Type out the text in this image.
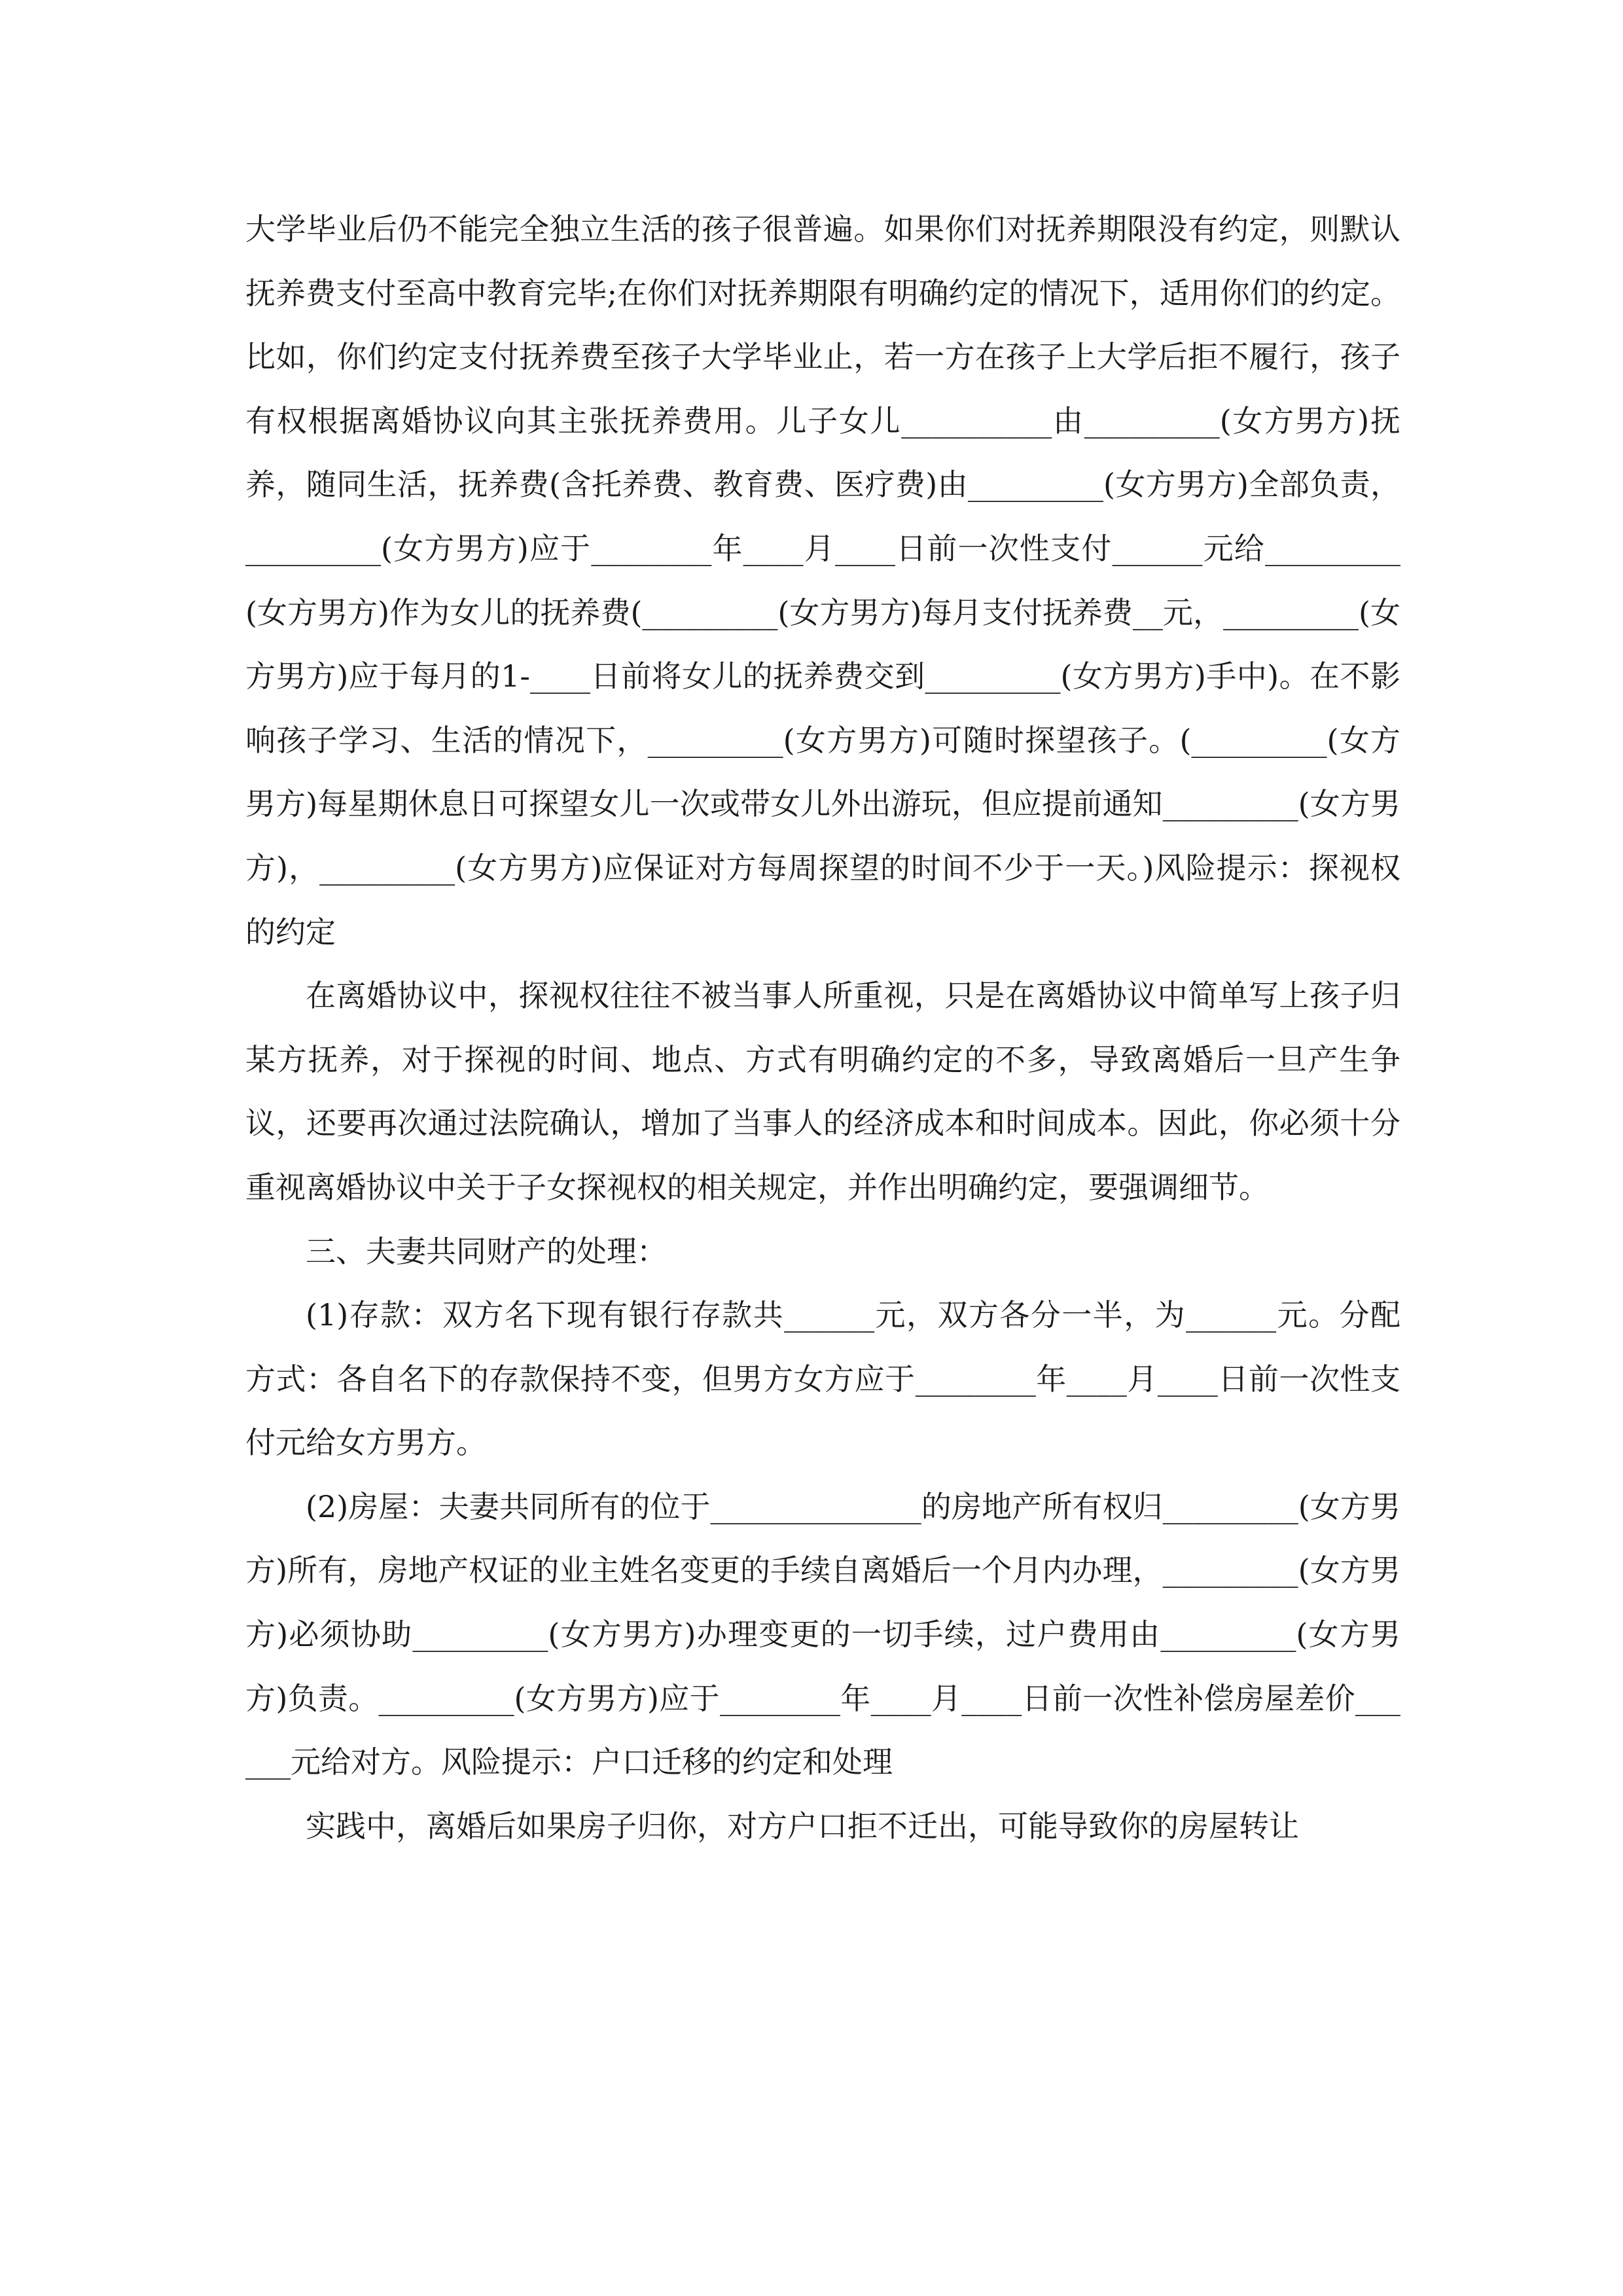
大学毕业后仍不能完全独立生活的孩子很普遍。如果你们对抚养期限没有约定，则默认抚养费支付至高中教育完毕;在你们对抚养期限有明确约定的情况下，适用你们的约定。比如，你们约定支付抚养费至孩子大学毕业止，若一方在孩子上大学后拒不履行，孩子有权根据离婚协议向其主张抚养费用。儿子女儿__________由_________(女方男方)抚养，随同生活，抚养费(含托养费、教育费、医疗费)由_________(女方男方)全部负责，_________(女方男方)应于________年____月____日前一次性支付______元给_________(女方男方)作为女儿的抚养费(_________(女方男方)每月支付抚养费__元，_________(女方男方)应于每月的1-____日前将女儿的抚养费交到_________(女方男方)手中)。在不影响孩子学习、生活的情况下，_________(女方男方)可随时探望孩子。(_________(女方男方)每星期休息日可探望女儿一次或带女儿外出游玩，但应提前通知_________(女方男方)，_________(女方男方)应保证对方每周探望的时间不少于一天。)风险提示：探视权的约定

在离婚协议中，探视权往往不被当事人所重视，只是在离婚协议中简单写上孩子归某方抚养，对于探视的时间、地点、方式有明确约定的不多，导致离婚后一旦产生争议，还要再次通过法院确认，增加了当事人的经济成本和时间成本。因此，你必须十分重视离婚协议中关于子女探视权的相关规定，并作出明确约定，要强调细节。

三、夫妻共同财产的处理：

(1)存款：双方名下现有银行存款共______元，双方各分一半，为______元。分配方式：各自名下的存款保持不变，但男方女方应于________年____月____日前一次性支付元给女方男方。

(2)房屋：夫妻共同所有的位于______________的房地产所有权归_________(女方男方)所有，房地产权证的业主姓名变更的手续自离婚后一个月内办理，_________(女方男方)必须协助_________(女方男方)办理变更的一切手续，过户费用由_________(女方男方)负责。_________(女方男方)应于________年____月____日前一次性补偿房屋差价______元给对方。风险提示：户口迁移的约定和处理

实践中，离婚后如果房子归你，对方户口拒不迁出，可能导致你的房屋转让
